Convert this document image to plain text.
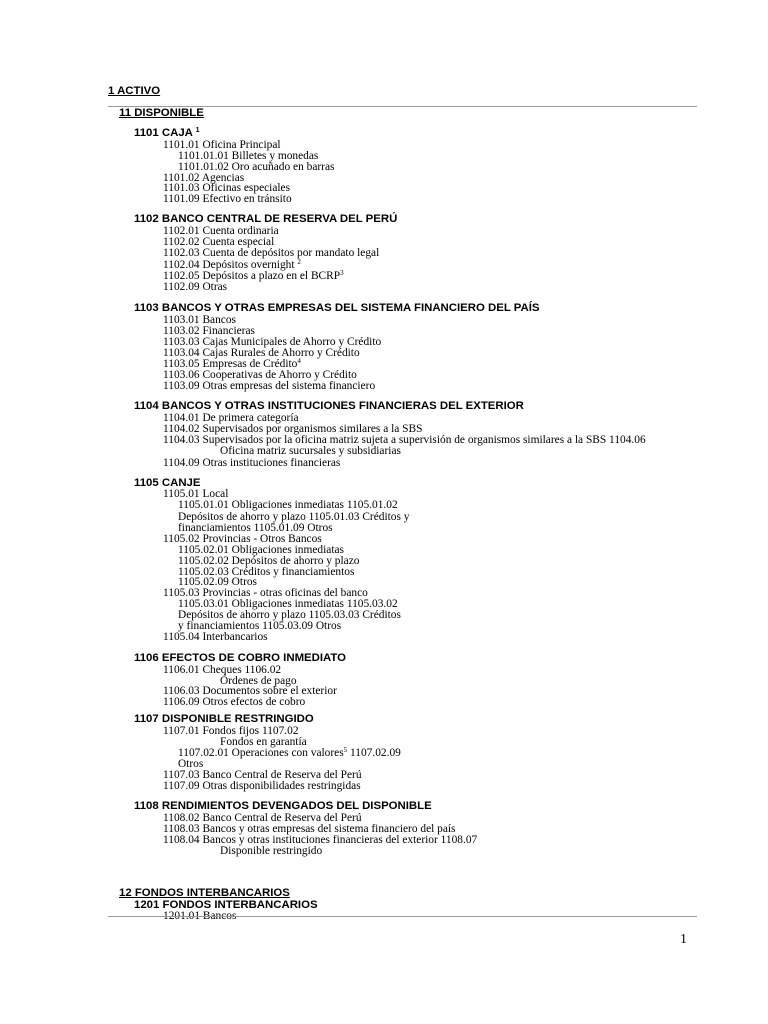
1 ACTIVO
11 DISPONIBLE
1101 CAJA $^1$
1101.01 Oficina Principal
1101.01.01 Billetes y monedas
1101.01.02 Oro acuñado en barras
1101.02 Agencias
1101.03 Oficinas especiales
1101.09 Efectivo en tránsito
1102 BANCO CENTRAL DE RESERVA DEL PERÚ
1102.01 Cuenta ordinaria
1102.02 Cuenta especial
1102.03 Cuenta de depósitos por mandato legal
1102.04 Depósitos overnight $^2$
1102.05 Depósitos a plazo en el BCRP$^3$
1102.09 Otras
1103 BANCOS Y OTRAS EMPRESAS DEL SISTEMA FINANCIERO DEL PAÍS
1103.01 Bancos
1103.02 Financieras
1103.03 Cajas Municipales de Ahorro y Crédito
1103.04 Cajas Rurales de Ahorro y Crédito
1103.05 Empresas de Crédito$^4$
1103.06 Cooperativas de Ahorro y Crédito
1103.09 Otras empresas del sistema financiero
1104 BANCOS Y OTRAS INSTITUCIONES FINANCIERAS DEL EXTERIOR
1104.01 De primera categoría
1104.02 Supervisados por organismos similares a la SBS
1104.03 Supervisados por la oficina matriz sujeta a supervisión de organismos similares a la SBS 1104.06
Oficina matriz sucursales y subsidiarias
1104.09 Otras instituciones financieras
1105 CANJE
1105.01 Local
1105.01.01 Obligaciones inmediatas 1105.01.02
Depósitos de ahorro y plazo 1105.01.03 Créditos y
financiamientos 1105.01.09 Otros
1105.02 Provincias - Otros Bancos
1105.02.01 Obligaciones inmediatas
1105.02.02 Depósitos de ahorro y plazo
1105.02.03 Créditos y financiamientos
1105.02.09 Otros
1105.03 Provincias - otras oficinas del banco
1105.03.01 Obligaciones inmediatas 1105.03.02
Depósitos de ahorro y plazo 1105.03.03 Créditos
y financiamientos 1105.03.09 Otros
1105.04 Interbancarios
1106 EFECTOS DE COBRO INMEDIATO
1106.01 Cheques 1106.02
Órdenes de pago
1106.03 Documentos sobre el exterior
1106.09 Otros efectos de cobro
1107 DISPONIBLE RESTRINGIDO
1107.01 Fondos fijos 1107.02
Fondos en garantía
1107.02.01 Operaciones con valores$^5$ 1107.02.09
Otros
1107.03 Banco Central de Reserva del Perú
1107.09 Otras disponibilidades restringidas
1108 RENDIMIENTOS DEVENGADOS DEL DISPONIBLE
1108.02 Banco Central de Reserva del Perú
1108.03 Bancos y otras empresas del sistema financiero del país
1108.04 Bancos y otras instituciones financieras del exterior 1108.07
Disponible restringido
12 FONDOS INTERBANCARIOS
1201 FONDOS INTERBANCARIOS
1201.01 Bancos
1
